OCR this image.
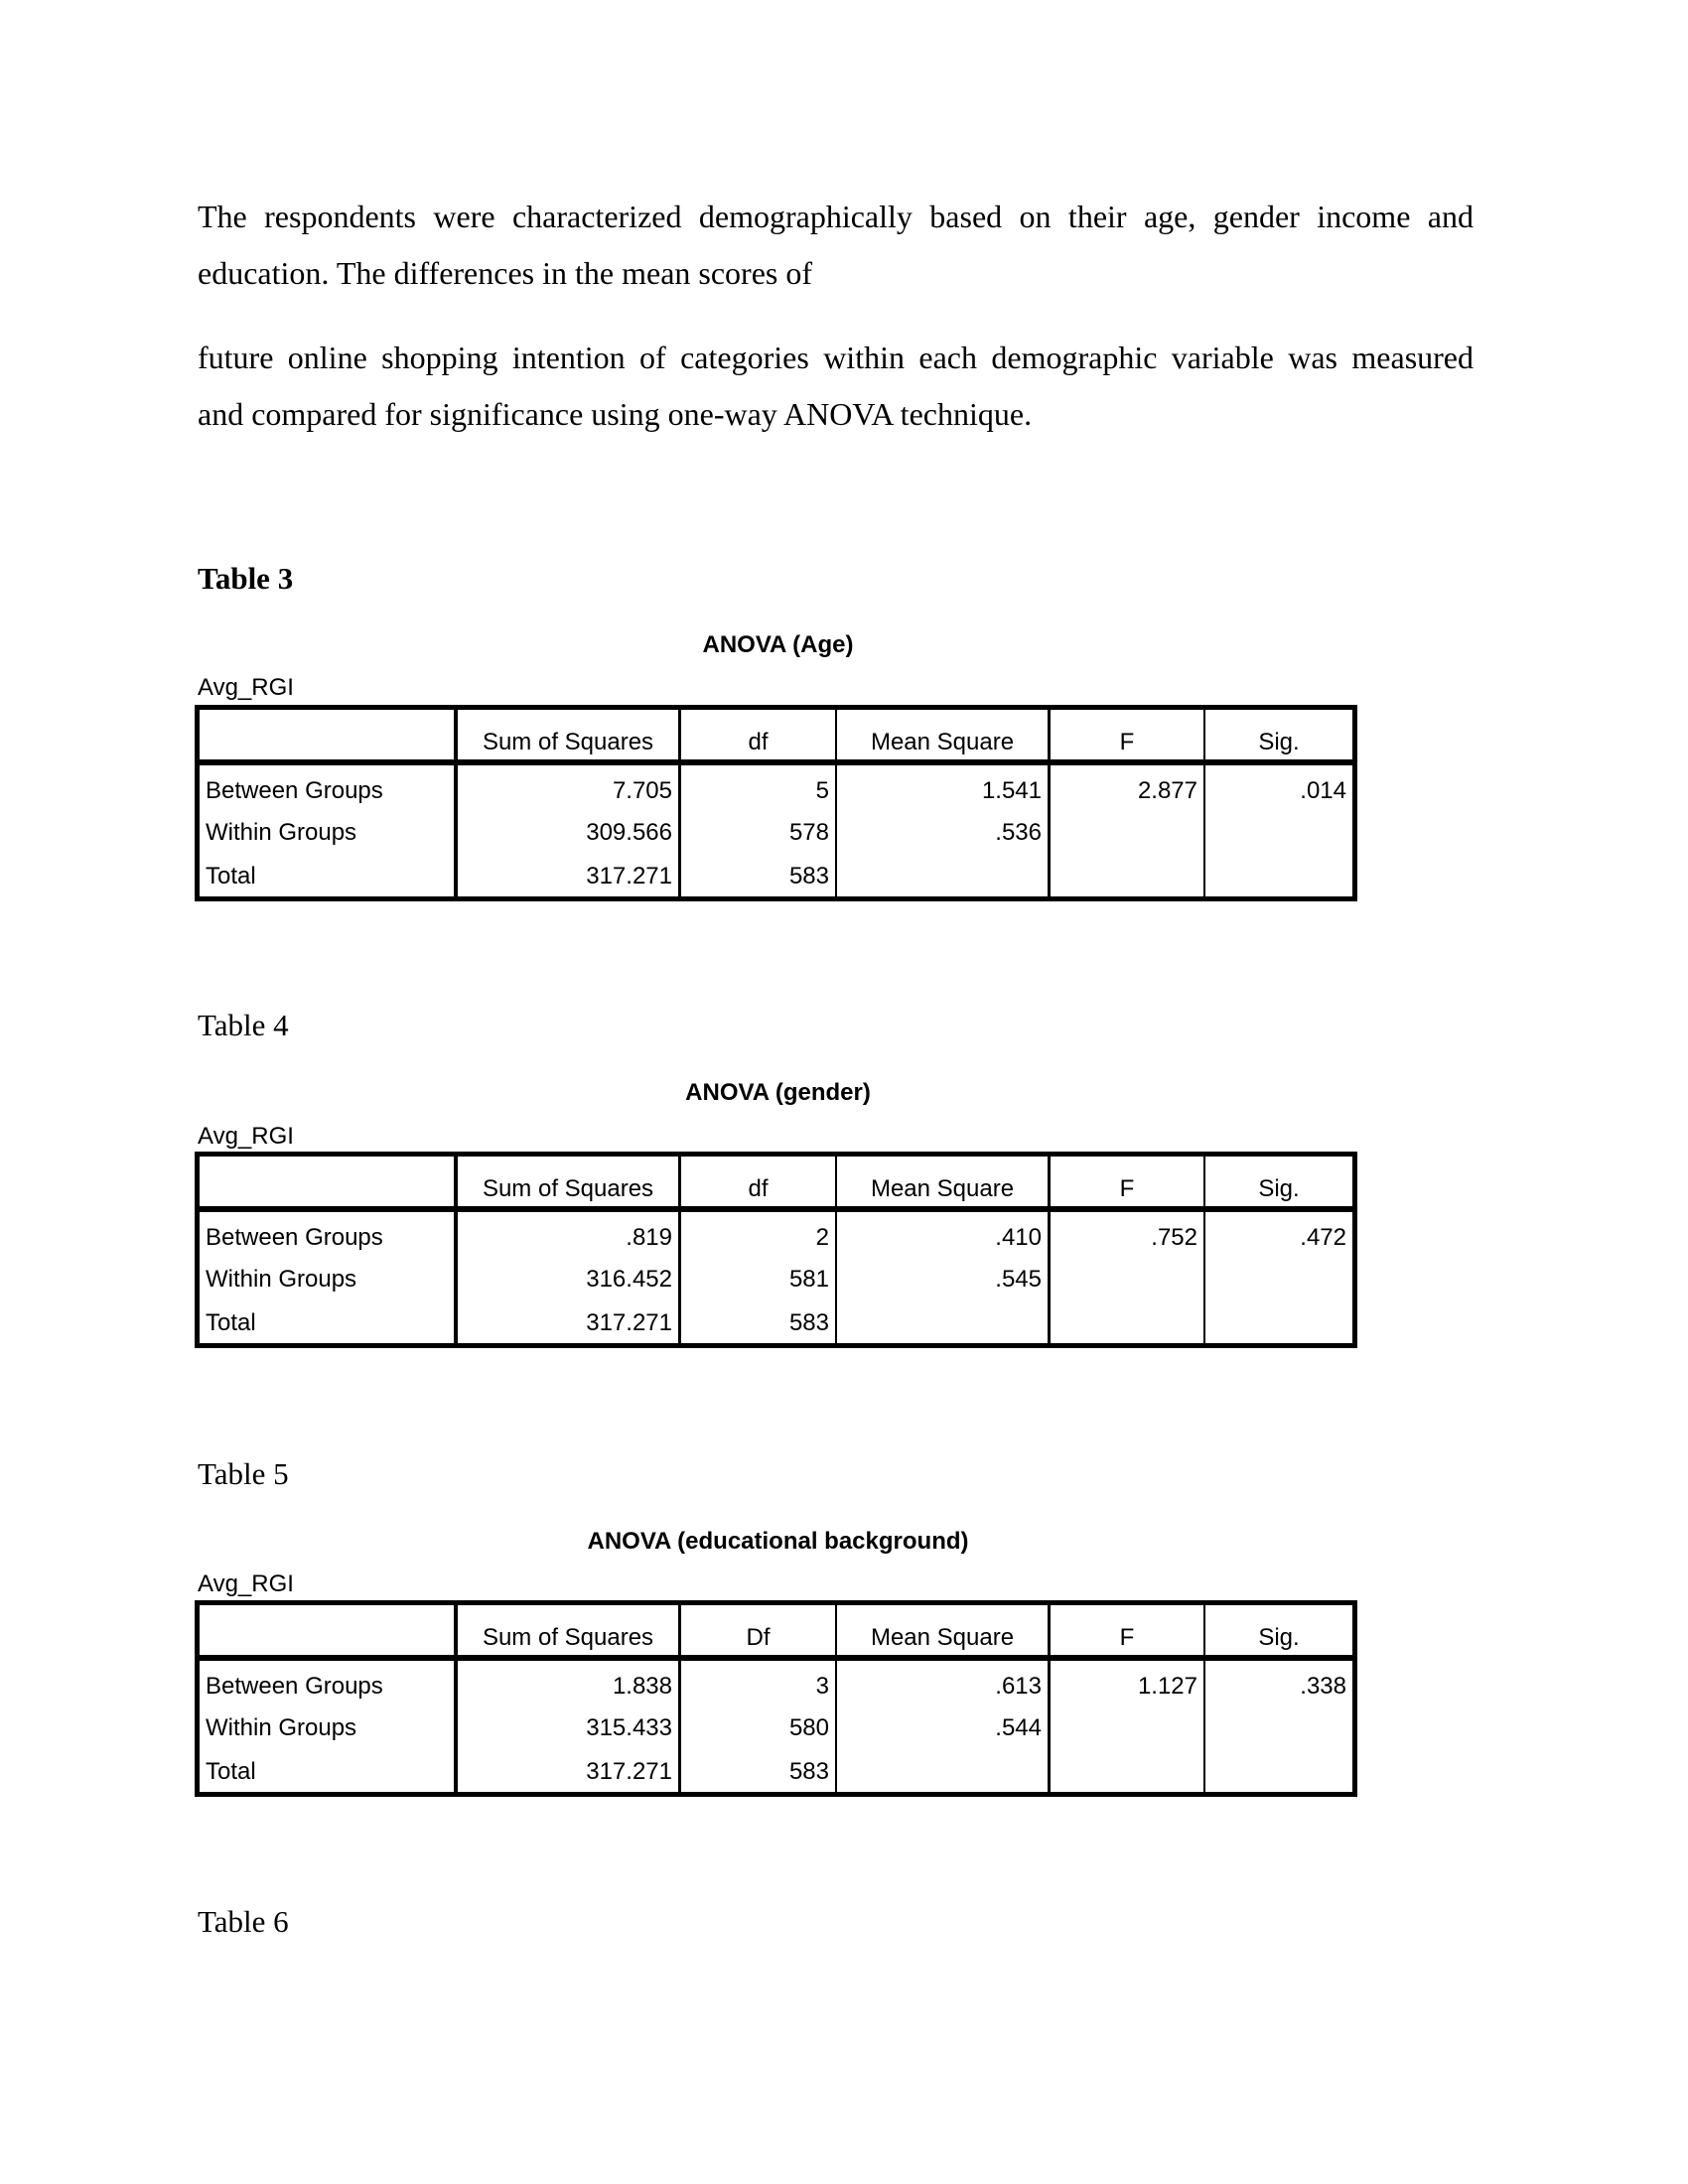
The respondents were characterized demographically based on their age, gender income and
education. The differences in the mean scores of
future online shopping intention of categories within each demographic variable was measured
and compared for significance using one-way ANOVA technique.
Table 3
ANOVA (Age)
Avg_RGI
Sum of Squares	df	Mean Square	F	Sig.
Between Groups	7.705	5	1.541	2.877	.014
Within Groups	309.566	578	.536
Total	317.271	583
Table 4
ANOVA (gender)
Avg_RGI
Sum of Squares	df	Mean Square	F	Sig.
Between Groups	.819	2	.410	.752	.472
Within Groups	316.452	581	.545
Total	317.271	583
Table 5
ANOVA (educational background)
Avg_RGI
Sum of Squares	Df	Mean Square	F	Sig.
Between Groups	1.838	3	.613	1.127	.338
Within Groups	315.433	580	.544
Total	317.271	583
Table 6
